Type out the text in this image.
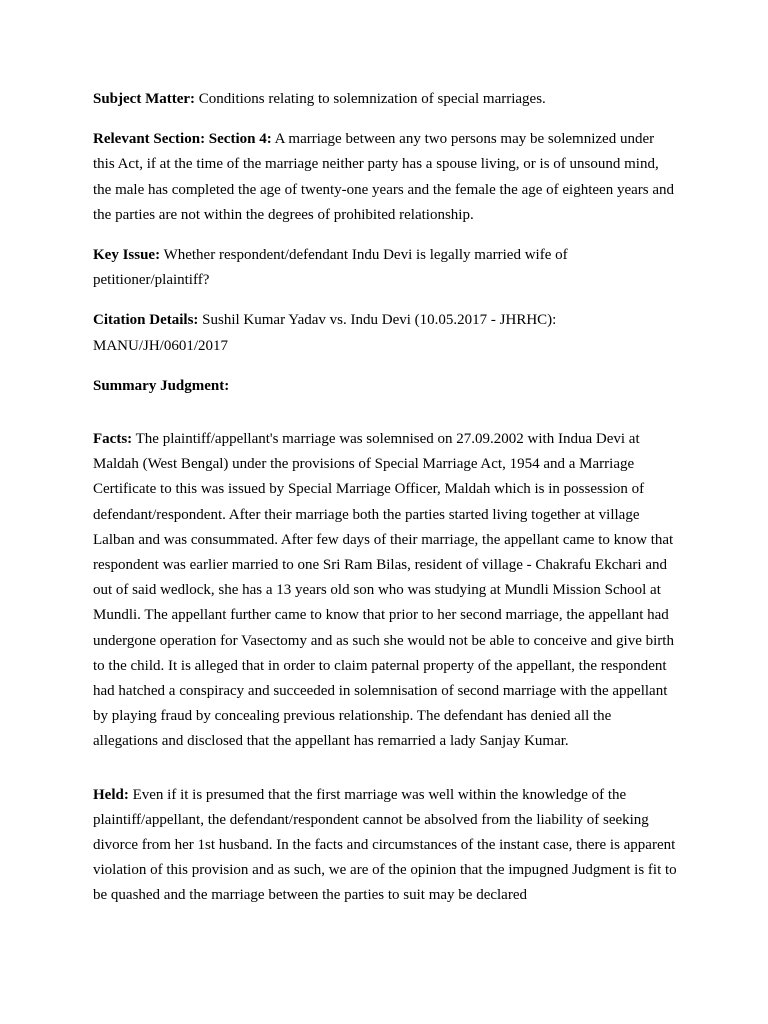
Subject Matter: Conditions relating to solemnization of special marriages.

Relevant Section: Section 4: A marriage between any two persons may be solemnized under this Act, if at the time of the marriage neither party has a spouse living, or is of unsound mind, the male has completed the age of twenty-one years and the female the age of eighteen years and the parties are not within the degrees of prohibited relationship.

Key Issue: Whether respondent/defendant Indu Devi is legally married wife of petitioner/plaintiff?

Citation Details: Sushil Kumar Yadav vs. Indu Devi (10.05.2017 - JHRHC): MANU/JH/0601/2017

Summary Judgment:

Facts: The plaintiff/appellant's marriage was solemnised on 27.09.2002 with Indua Devi at Maldah (West Bengal) under the provisions of Special Marriage Act, 1954 and a Marriage Certificate to this was issued by Special Marriage Officer, Maldah which is in possession of defendant/respondent. After their marriage both the parties started living together at village Lalban and was consummated. After few days of their marriage, the appellant came to know that respondent was earlier married to one Sri Ram Bilas, resident of village - Chakrafu Ekchari and out of said wedlock, she has a 13 years old son who was studying at Mundli Mission School at Mundli. The appellant further came to know that prior to her second marriage, the appellant had undergone operation for Vasectomy and as such she would not be able to conceive and give birth to the child. It is alleged that in order to claim paternal property of the appellant, the respondent had hatched a conspiracy and succeeded in solemnisation of second marriage with the appellant by playing fraud by concealing previous relationship. The defendant has denied all the allegations and disclosed that the appellant has remarried a lady Sanjay Kumar.

Held: Even if it is presumed that the first marriage was well within the knowledge of the plaintiff/appellant, the defendant/respondent cannot be absolved from the liability of seeking divorce from her 1st husband. In the facts and circumstances of the instant case, there is apparent violation of this provision and as such, we are of the opinion that the impugned Judgment is fit to be quashed and the marriage between the parties to suit may be declared
